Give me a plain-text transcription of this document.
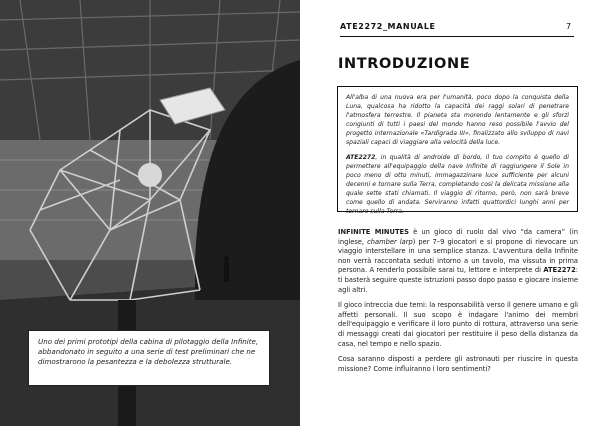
Uno dei primi prototipi della cabina di pilotaggio della Infinite, abbandonato in seguito a una serie di test preliminari che ne dimostrarono la pesantezza e la debolezza strutturale.
ATE2272_MANUALE	7
INTRODUZIONE

All'alba di una nuova era per l'umanità, poco dopo la conquista della Luna, qualcosa ha ridotto la capacità dei raggi solari di penetrare l'atmosfera terrestre. Il pianeta sta morendo lentamente e gli sforzi congiunti di tutti i paesi del mondo hanno reso possibile l'avvio del progetto internazionale «Tardigrada III», finalizzato allo sviluppo di navi spaziali capaci di viaggiare alla velocità della luce.

ATE2272, in qualità di androide di bordo, il tuo compito è quello di permettere all'equipaggio della nave Infinite di raggiungere il Sole in poco meno di otto minuti, immagazzinare luce sufficiente per alcuni decenni e tornare sulla Terra, completando così la delicata missione alla quale sette stati chiamati. Il viaggio di ritorno, però, non sarà breve come quello di andata. Serviranno infatti quattordici lunghi anni per tornare sulla Terra.

INFINITE MINUTES è un gioco di ruolo dal vivo “da camera” (in inglese, chamber larp) per 7–9 giocatori e si propone di rievocare un viaggio interstellare in una semplice stanza. L'avventura della Infinite non verrà raccontata seduti intorno a un tavolo, ma vissuta in prima persona. A renderlo possibile sarai tu, lettore e interprete di ATE2272: ti basterà seguire queste istruzioni passo dopo passo e giocare insieme agli altri.

Il gioco intreccia due temi: la responsabilità verso il genere umano e gli affetti personali. Il suo scopo è indagare l'animo dei membri dell'equipaggio e verificare il loro punto di rottura, attraverso una serie di messaggi creati dai giocatori per restituire il peso della distanza da casa, nel tempo e nello spazio.

Cosa saranno disposti a perdere gli astronauti per riuscire in questa missione? Come influiranno i loro sentimenti?
